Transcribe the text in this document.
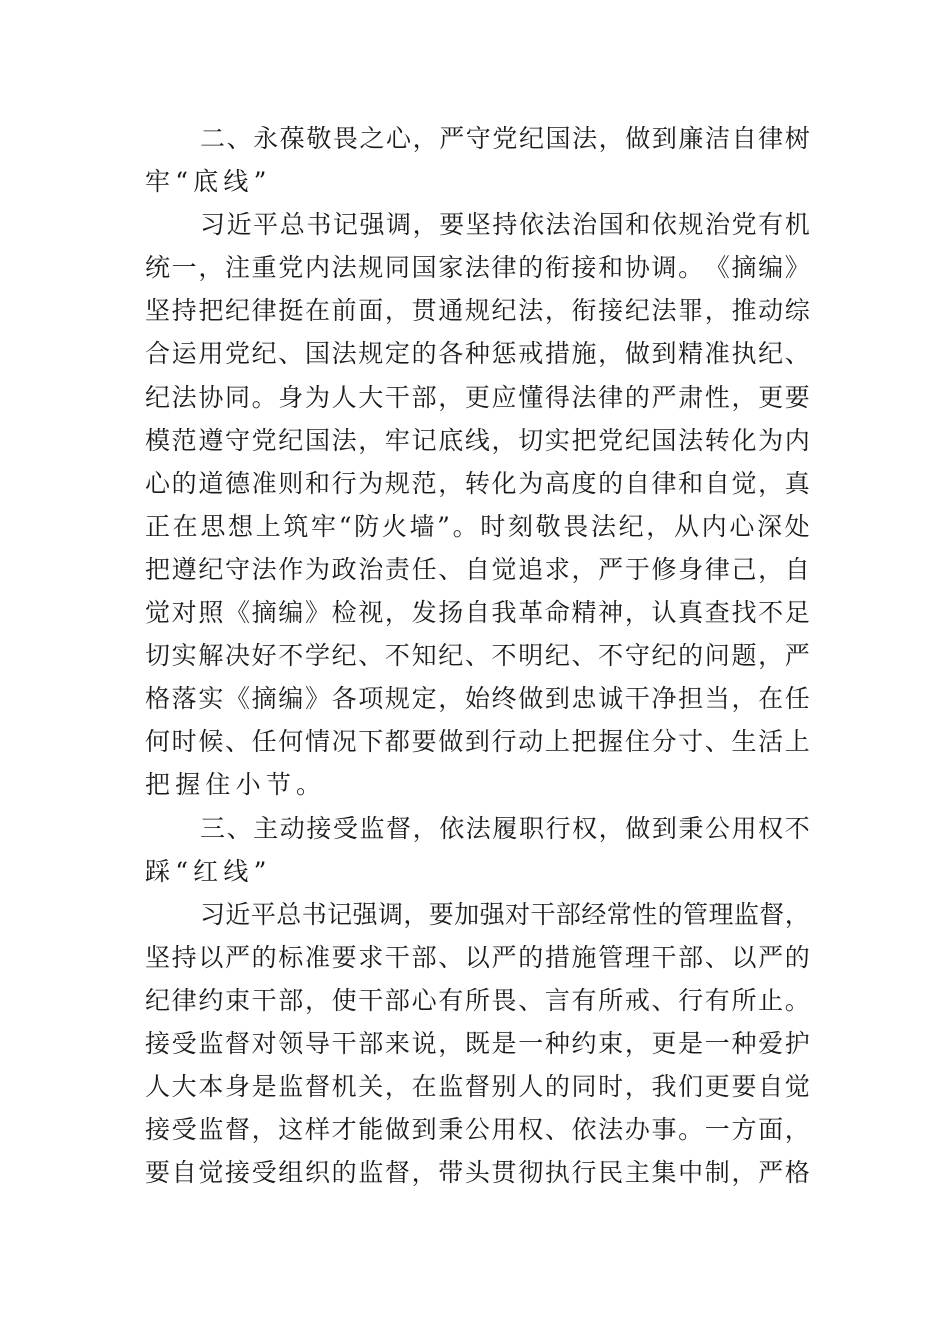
二 、 永 葆 敬 畏 之 心 ， 严 守 党 纪 国 法 ， 做 到 廉 洁 自 律 树
牢 “ 底 线 ”
习 近 平 总 书 记 强 调 ， 要 坚 持 依 法 治 国 和 依 规 治 党 有 机
统 一 ， 注 重 党 内 法 规 同 国 家 法 律 的 衔 接 和 协 调 。 《 摘 编 》
坚 持 把 纪 律 挺 在 前 面 ， 贯 通 规 纪 法 ， 衔 接 纪 法 罪 ， 推 动 综
合 运 用 党 纪 、 国 法 规 定 的 各 种 惩 戒 措 施 ， 做 到 精 准 执 纪 、
纪 法 协 同 。 身 为 人 大 干 部 ， 更 应 懂 得 法 律 的 严 肃 性 ， 更 要
模 范 遵 守 党 纪 国 法 ， 牢 记 底 线 ， 切 实 把 党 纪 国 法 转 化 为 内
心 的 道 德 准 则 和 行 为 规 范 ， 转 化 为 高 度 的 自 律 和 自 觉 ， 真
正 在 思 想 上 筑 牢 “ 防 火 墙 ” 。 时 刻 敬 畏 法 纪 ， 从 内 心 深 处
把 遵 纪 守 法 作 为 政 治 责 任 、 自 觉 追 求 ， 严 于 修 身 律 己 ， 自
觉 对 照 《 摘 编 》 检 视 ， 发 扬 自 我 革 命 精 神 ， 认 真 查 找 不 足
切 实 解 决 好 不 学 纪 、 不 知 纪 、 不 明 纪 、 不 守 纪 的 问 题 ， 严
格 落 实 《 摘 编 》 各 项 规 定 ， 始 终 做 到 忠 诚 干 净 担 当 ， 在 任
何 时 候 、 任 何 情 况 下 都 要 做 到 行 动 上 把 握 住 分 寸 、 生 活 上
把 握 住 小 节 。
三 、 主 动 接 受 监 督 ， 依 法 履 职 行 权 ， 做 到 秉 公 用 权 不
踩 “ 红 线 ”
习 近 平 总 书 记 强 调 ， 要 加 强 对 干 部 经 常 性 的 管 理 监 督 ，
坚 持 以 严 的 标 准 要 求 干 部 、 以 严 的 措 施 管 理 干 部 、 以 严 的
纪 律 约 束 干 部 ， 使 干 部 心 有 所 畏 、 言 有 所 戒 、 行 有 所 止 。
接 受 监 督 对 领 导 干 部 来 说 ， 既 是 一 种 约 束 ， 更 是 一 种 爱 护
人 大 本 身 是 监 督 机 关 ， 在 监 督 别 人 的 同 时 ， 我 们 更 要 自 觉
接 受 监 督 ， 这 样 才 能 做 到 秉 公 用 权 、 依 法 办 事 。 一 方 面 ，
要 自 觉 接 受 组 织 的 监 督 ， 带 头 贯 彻 执 行 民 主 集 中 制 ， 严 格
